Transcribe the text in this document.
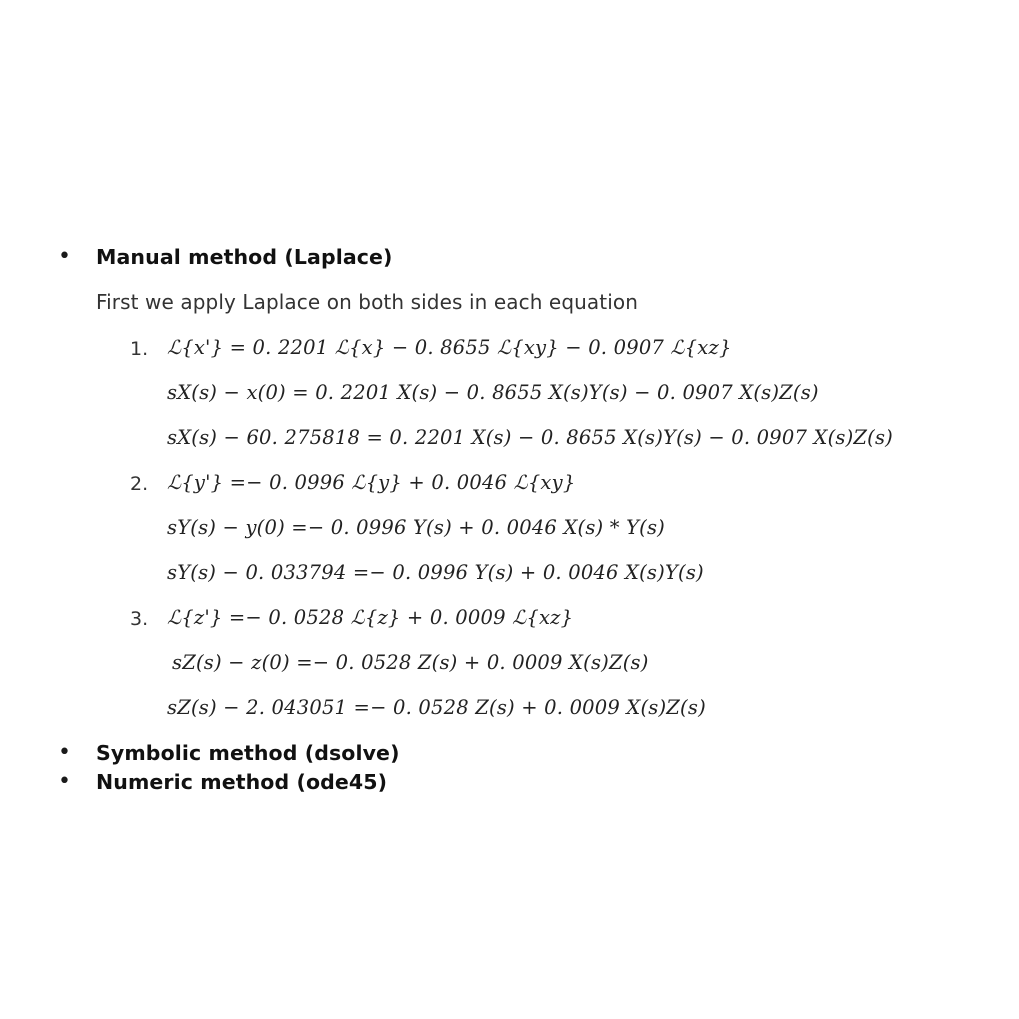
• Manual method (Laplace)
First we apply Laplace on both sides in each equation
1. ℒ{x'} = 0. 2201 ℒ{x} − 0. 8655 ℒ{xy} − 0. 0907 ℒ{xz}
sX(s) − x(0) = 0. 2201 X(s) − 0. 8655 X(s)Y(s) − 0. 0907 X(s)Z(s)
sX(s) − 60. 275818 = 0. 2201 X(s) − 0. 8655 X(s)Y(s) − 0. 0907 X(s)Z(s)
2. ℒ{y'} =− 0. 0996 ℒ{y} + 0. 0046 ℒ{xy}
sY(s) − y(0) =− 0. 0996 Y(s) + 0. 0046 X(s) * Y(s)
sY(s) − 0. 033794 =− 0. 0996 Y(s) + 0. 0046 X(s)Y(s)
3. ℒ{z'} =− 0. 0528 ℒ{z} + 0. 0009 ℒ{xz}
sZ(s) − z(0) =− 0. 0528 Z(s) + 0. 0009 X(s)Z(s)
sZ(s) − 2. 043051 =− 0. 0528 Z(s) + 0. 0009 X(s)Z(s)
• Symbolic method (dsolve)
• Numeric method (ode45)
